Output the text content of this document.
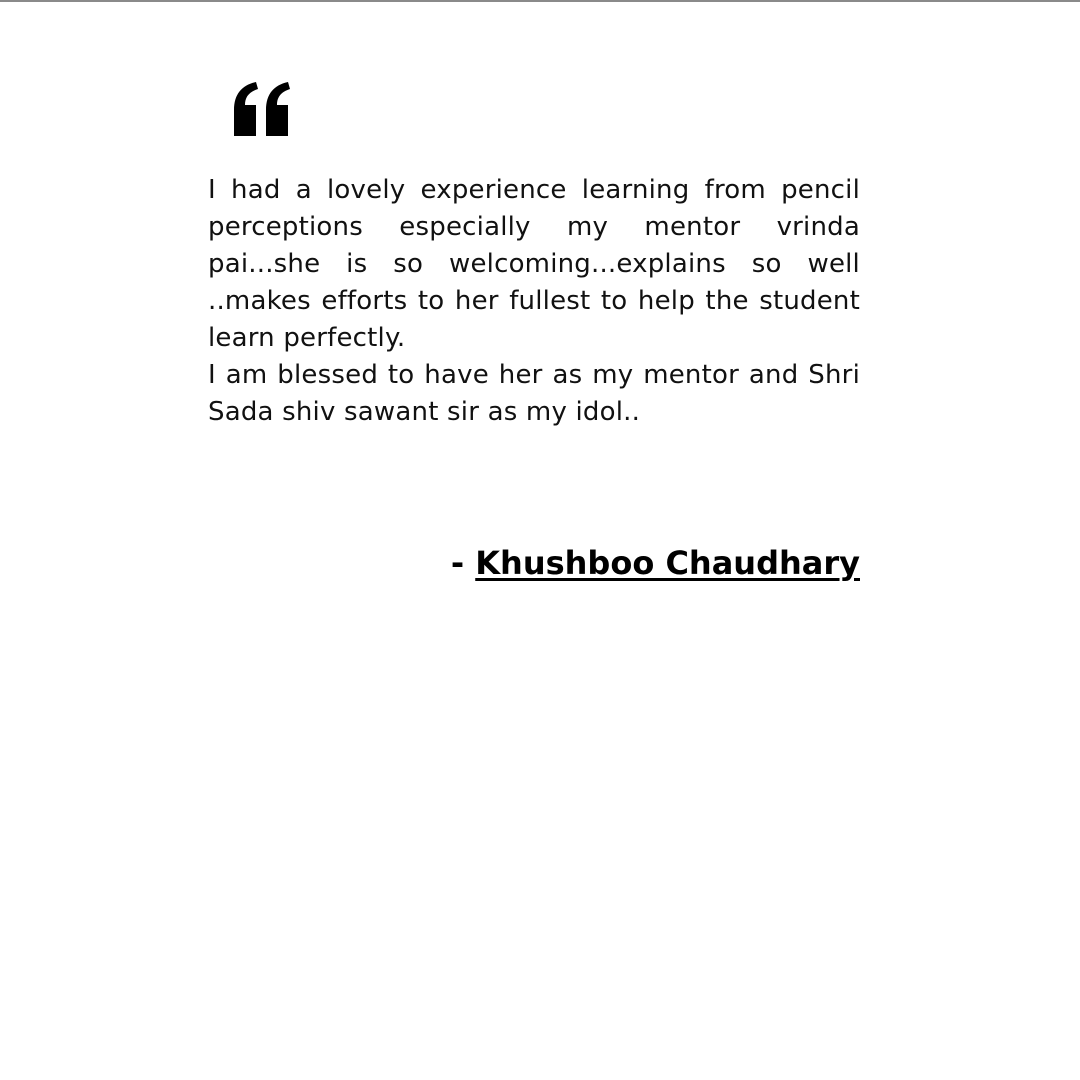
I had a lovely experience learning from pencil perceptions especially my mentor vrinda pai...she is so welcoming...explains so well ..makes efforts to her fullest to help the student learn perfectly.

I am blessed to have her as my mentor and Shri Sada shiv sawant sir as my idol..

- Khushboo Chaudhary
